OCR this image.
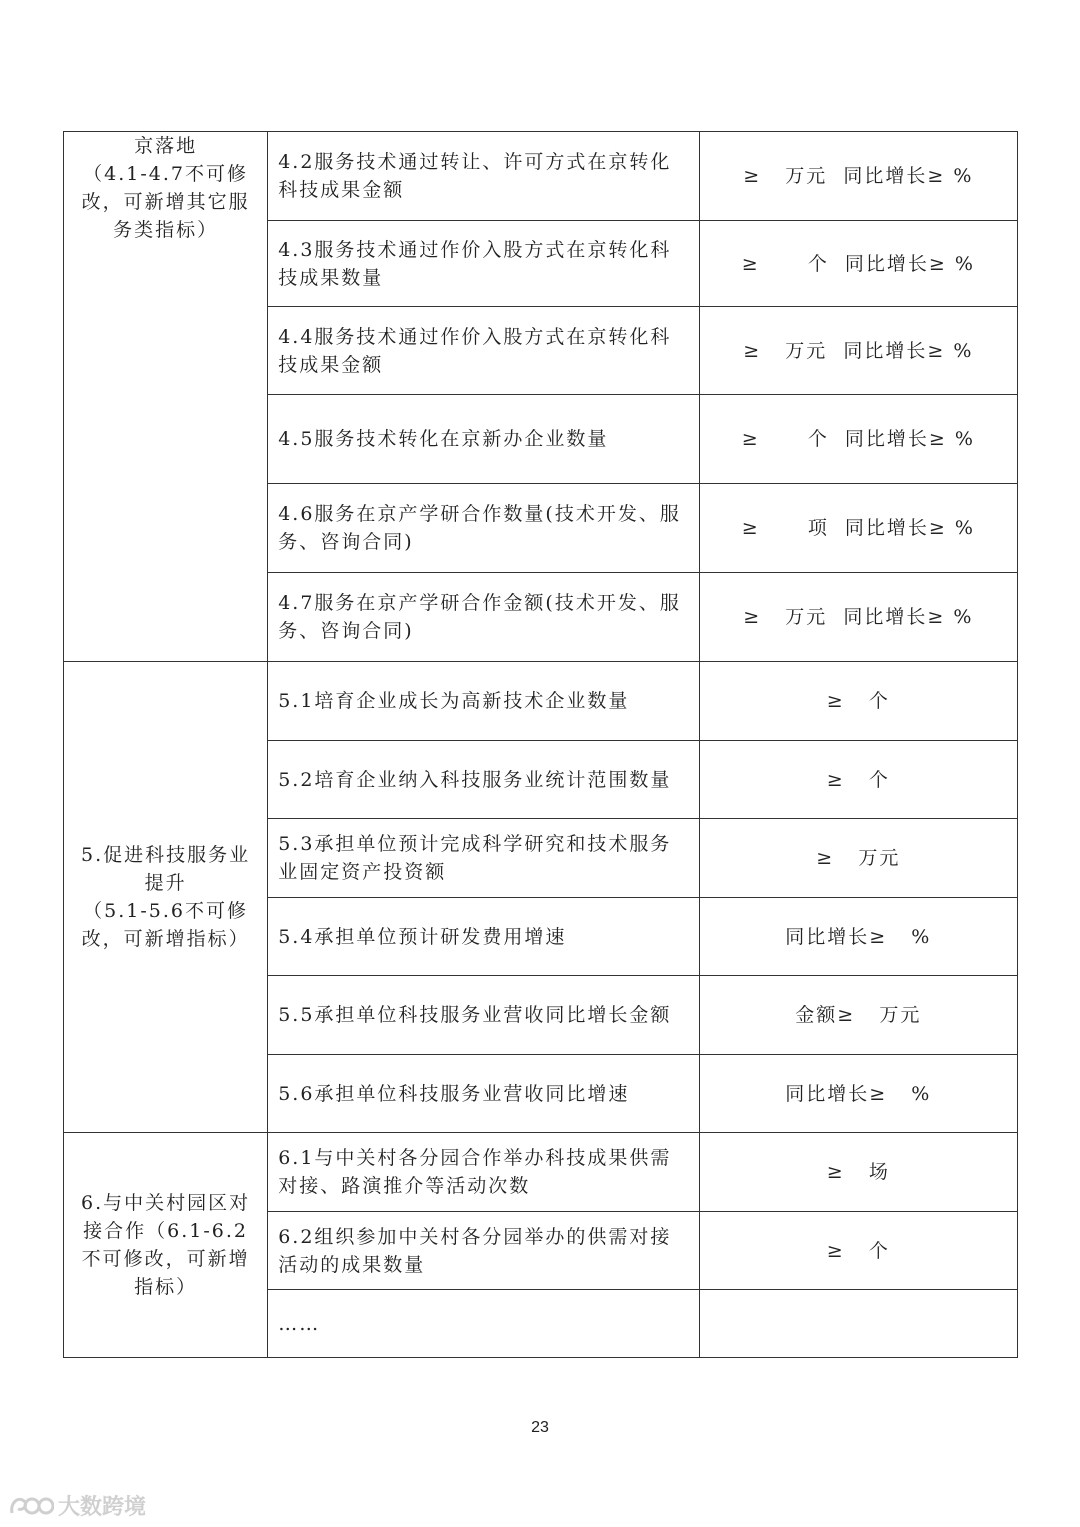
京落地
（4.1-4.7不可修改，可新增其它服务类指标）	4.2服务技术通过转让、许可方式在京转化科技成果金额	≥   万元  同比增长≥ %

	4.3服务技术通过作价入股方式在京转化科技成果数量	≥      个  同比增长≥ %

	4.4服务技术通过作价入股方式在京转化科技成果金额	≥   万元  同比增长≥ %

	4.5服务技术转化在京新办企业数量	≥      个  同比增长≥ %

	4.6服务在京产学研合作数量(技术开发、服务、咨询合同)	≥      项  同比增长≥ %

	4.7服务在京产学研合作金额(技术开发、服务、咨询合同)	≥   万元  同比增长≥ %

5.促进科技服务业提升
（5.1-5.6不可修改，可新增指标）	5.1培育企业成长为高新技术企业数量	≥   个

	5.2培育企业纳入科技服务业统计范围数量	≥   个

	5.3承担单位预计完成科学研究和技术服务业固定资产投资额	≥   万元

	5.4承担单位预计研发费用增速	同比增长≥   %

	5.5承担单位科技服务业营收同比增长金额	金额≥   万元

	5.6承担单位科技服务业营收同比增速	同比增长≥   %

6.与中关村园区对接合作（6.1-6.2不可修改，可新增指标）	6.1与中关村各分园合作举办科技成果供需对接、路演推介等活动次数	≥   场

	6.2组织参加中关村各分园举办的供需对接活动的成果数量	≥   个

	……	

23
大数跨境
